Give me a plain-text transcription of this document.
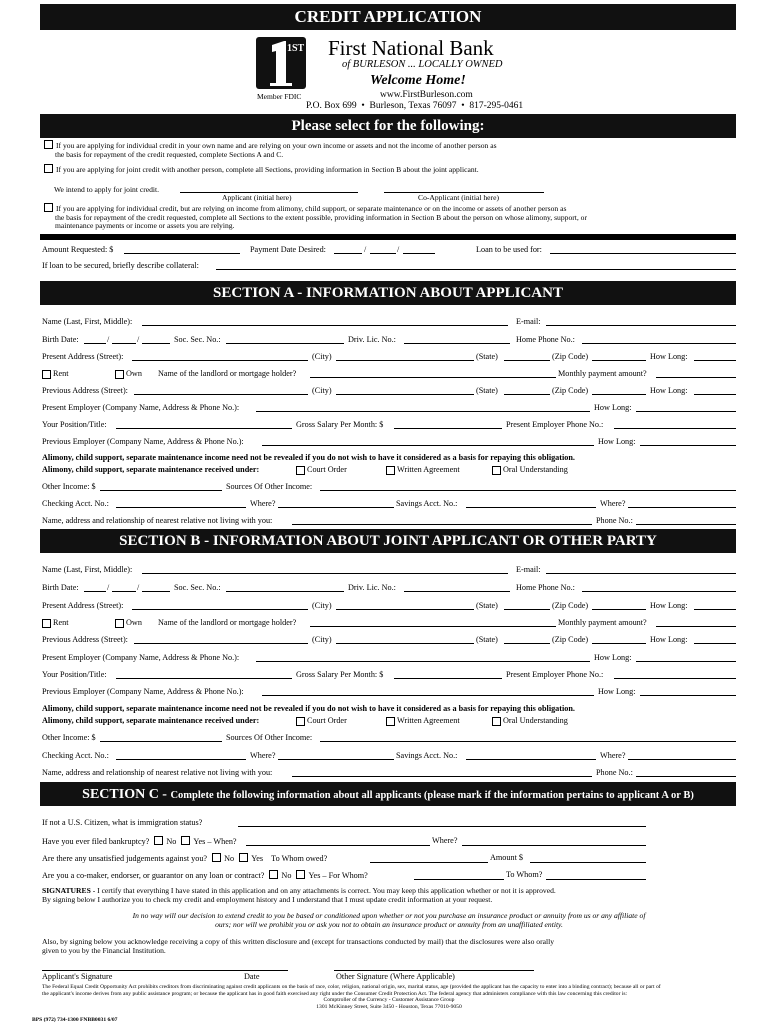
CREDIT APPLICATION
1ST First National Bank
of BURLESON ... LOCALLY OWNED
Welcome Home!
Member FDIC	www.FirstBurleson.com
P.O. Box 699  •  Burleson, Texas 76097  •  817-295-0461
Please select for the following:
If you are applying for individual credit in your own name and are relying on your own income or assets and not the income of another person as
the basis for repayment of the credit requested, complete Sections A and C.
If you are applying for joint credit with another person, complete all Sections, providing information in Section B about the joint applicant.
We intend to apply for joint credit.
Applicant (initial here)	Co-Applicant (initial here)
If you are applying for individual credit, but are relying on income from alimony, child support, or separate maintenance or on the income or assets of another person as
the basis for repayment of the credit requested, complete all Sections to the extent possible, providing information in Section B about the person on whose alimony, support, or
maintenance payments or income or assets you are relying.
Amount Requested: $	Payment Date Desired:	/	/	Loan to be used for:
If loan to be secured, briefly describe collateral:
SECTION A - INFORMATION ABOUT APPLICANT
Name (Last, First, Middle):	E-mail:
Birth Date:	/	/	Soc. Sec. No.:	Driv. Lic. No.:	Home Phone No.:
Present Address (Street):	(City)	(State)	(Zip Code)	How Long:
Rent	Own Name of the landlord or mortgage holder?	Monthly payment amount?
Previous Address (Street):	(City)	(State)	(Zip Code)	How Long:
Present Employer (Company Name, Address & Phone No.):	How Long:
Your Position/Title:	Gross Salary Per Month: $	Present Employer Phone No.:
Previous Employer (Company Name, Address & Phone No.):	How Long:
Alimony, child support, separate maintenance income need not be revealed if you do not wish to have it considered as a basis for repaying this obligation.
Alimony, child support, separate maintenance received under:	Court Order	Written Agreement	Oral Understanding
Other Income: $	Sources Of Other Income:
Checking Acct. No.:	Where?	Savings Acct. No.:	Where?
Name, address and relationship of nearest relative not living with you:	Phone No.:
SECTION B - INFORMATION ABOUT JOINT APPLICANT OR OTHER PARTY
Name (Last, First, Middle):	E-mail:
Birth Date:	/	/	Soc. Sec. No.:	Driv. Lic. No.:	Home Phone No.:
Present Address (Street):	(City)	(State)	(Zip Code)	How Long:
Rent	Own Name of the landlord or mortgage holder?	Monthly payment amount?
Previous Address (Street):	(City)	(State)	(Zip Code)	How Long:
Present Employer (Company Name, Address & Phone No.):	How Long:
Your Position/Title:	Gross Salary Per Month: $	Present Employer Phone No.:
Previous Employer (Company Name, Address & Phone No.):	How Long:
Alimony, child support, separate maintenance income need not be revealed if you do not wish to have it considered as a basis for repaying this obligation.
Alimony, child support, separate maintenance received under:	Court Order	Written Agreement	Oral Understanding
Other Income: $	Sources Of Other Income:
Checking Acct. No.:	Where?	Savings Acct. No.:	Where?
Name, address and relationship of nearest relative not living with you:	Phone No.:
SECTION C - Complete the following information about all applicants (please mark if the information pertains to applicant A or B)
If not a U.S. Citizen, what is immigration status?
Have you ever filed bankruptcy? No Yes – When?	Where?
Are there any unsatisfied judgements against you? No Yes To Whom owed?	Amount $
Are you a co-maker, endorser, or guarantor on any loan or contract? No Yes – For Whom?	To Whom?
SIGNATURES - I certify that everything I have stated in this application and on any attachments is correct. You may keep this application whether or not it is approved.
By signing below I authorize you to check my credit and employment history and I understand that I must update credit information at your request.
In no way will our decision to extend credit to you be based or conditioned upon whether or not you purchase an insurance product or annuity from us or any affiliate of
ours; nor will we prohibit you or ask you not to obtain an insurance product or annuity from an unaffiliated entity.
Also, by signing below you acknowledge receiving a copy of this written disclosure and (except for transactions conducted by mail) that the disclosures were also orally
given to you by the Financial Institution.
Applicant's Signature	Date	Other Signature (Where Applicable)
The Federal Equal Credit Opportunity Act prohibits creditors from discriminating against credit applicants on the basis of race, color, religion, national origin, sex, marital status, age (provided the applicant has the capacity to enter into a binding contract); because all or part of
the applicant's income derives from any public assistance program; or because the applicant has in good faith exercised any right under the Consumer Credit Protection Act. The federal agency that administers compliance with this law concerning this creditor is:

Comptroller of the Currency - Customer Assistance Group
1301 McKinney Street, Suite 3450 - Houston, Texas 77010-9050
BPS (972) 734-1300 FNBB0031 6/07
